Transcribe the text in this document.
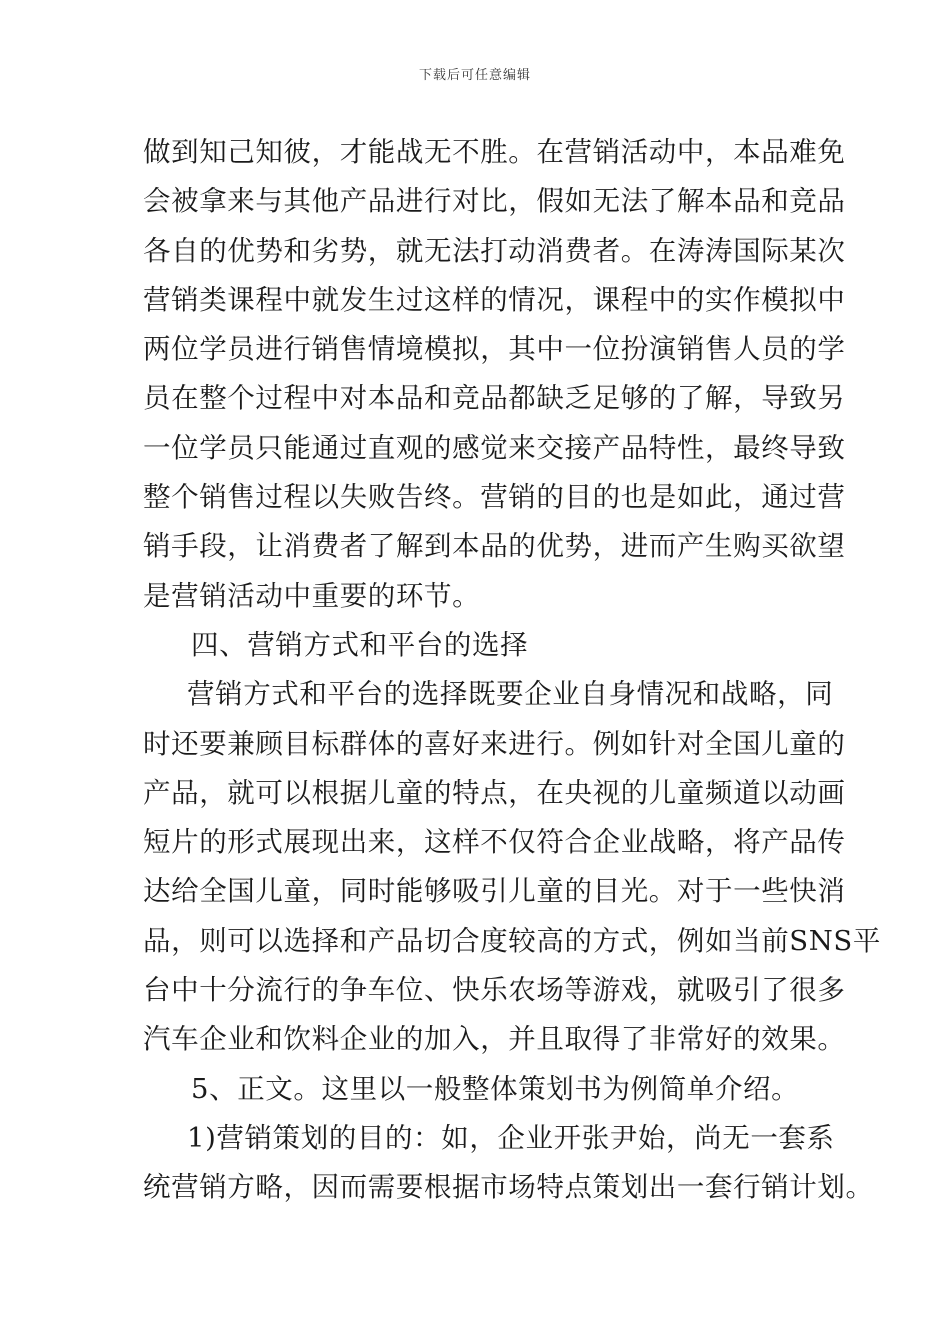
下载后可任意编辑
做到知己知彼，才能战无不胜。在营销活动中，本品难免
会被拿来与其他产品进行对比，假如无法了解本品和竞品
各自的优势和劣势，就无法打动消费者。在涛涛国际某次
营销类课程中就发生过这样的情况，课程中的实作模拟中
两位学员进行销售情境模拟，其中一位扮演销售人员的学
员在整个过程中对本品和竞品都缺乏足够的了解，导致另
一位学员只能通过直观的感觉来交接产品特性，最终导致
整个销售过程以失败告终。营销的目的也是如此，通过营
销手段，让消费者了解到本品的优势，进而产生购买欲望
是营销活动中重要的环节。
四、营销方式和平台的选择
营销方式和平台的选择既要企业自身情况和战略，同
时还要兼顾目标群体的喜好来进行。例如针对全国儿童的
产品，就可以根据儿童的特点，在央视的儿童频道以动画
短片的形式展现出来，这样不仅符合企业战略，将产品传
达给全国儿童，同时能够吸引儿童的目光。对于一些快消
品，则可以选择和产品切合度较高的方式，例如当前SNS平
台中十分流行的争车位、快乐农场等游戏，就吸引了很多
汽车企业和饮料企业的加入，并且取得了非常好的效果。
5、正文。这里以一般整体策划书为例简单介绍。
1)营销策划的目的：如，企业开张尹始，尚无一套系
统营销方略，因而需要根据市场特点策划出一套行销计划。
